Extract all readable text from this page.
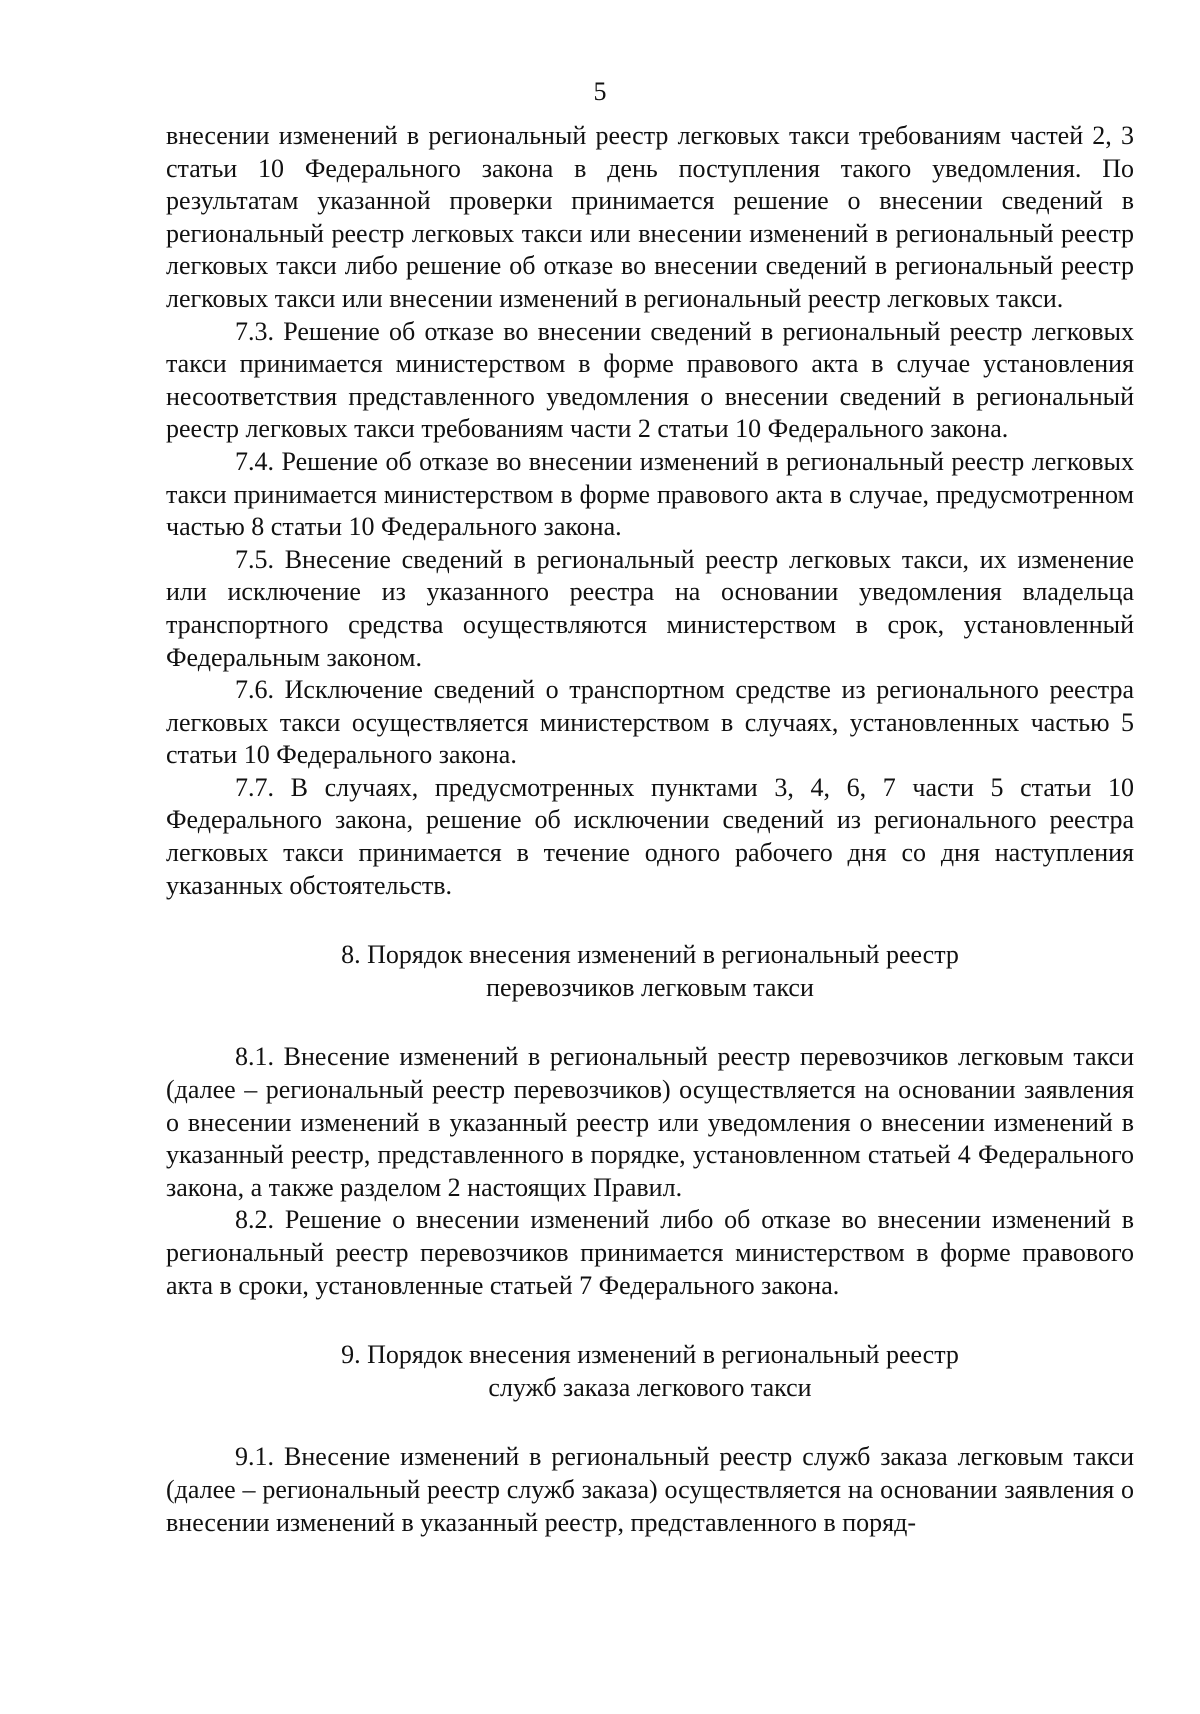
5

внесении изменений в региональный реестр легковых такси требованиям частей 2, 3 статьи 10 Федерального закона в день поступления такого уведомления. По результатам указанной проверки принимается решение о внесении сведений в региональный реестр легковых такси или внесении изменений в региональный реестр легковых такси либо решение об отказе во внесении сведений в региональный реестр легковых такси или внесении изменений в региональный реестр легковых такси.

7.3. Решение об отказе во внесении сведений в региональный реестр легковых такси принимается министерством в форме правового акта в случае установления несоответствия представленного уведомления о внесении сведений в региональный реестр легковых такси требованиям части 2 статьи 10 Федерального закона.

7.4. Решение об отказе во внесении изменений в региональный реестр легковых такси принимается министерством в форме правового акта в случае, предусмотренном частью 8 статьи 10 Федерального закона.

7.5. Внесение сведений в региональный реестр легковых такси, их изменение или исключение из указанного реестра на основании уведомления владельца транспортного средства осуществляются министерством в срок, установленный Федеральным законом.

7.6. Исключение сведений о транспортном средстве из регионального реестра легковых такси осуществляется министерством в случаях, установленных частью 5 статьи 10 Федерального закона.

7.7. В случаях, предусмотренных пунктами 3, 4, 6, 7 части 5 статьи 10 Федерального закона, решение об исключении сведений из регионального реестра легковых такси принимается в течение одного рабочего дня со дня наступления указанных обстоятельств.

8. Порядок внесения изменений в региональный реестр
перевозчиков легковым такси

8.1. Внесение изменений в региональный реестр перевозчиков легковым такси (далее – региональный реестр перевозчиков) осуществляется на основании заявления о внесении изменений в указанный реестр или уведомления о внесении изменений в указанный реестр, представленного в порядке, установленном статьей 4 Федерального закона, а также разделом 2 настоящих Правил.

8.2. Решение о внесении изменений либо об отказе во внесении изменений в региональный реестр перевозчиков принимается министерством в форме правового акта в сроки, установленные статьей 7 Федерального закона.

9. Порядок внесения изменений в региональный реестр
служб заказа легкового такси

9.1. Внесение изменений в региональный реестр служб заказа легковым такси (далее – региональный реестр служб заказа) осуществляется на основании заявления о внесении изменений в указанный реестр, представленного в поряд-
